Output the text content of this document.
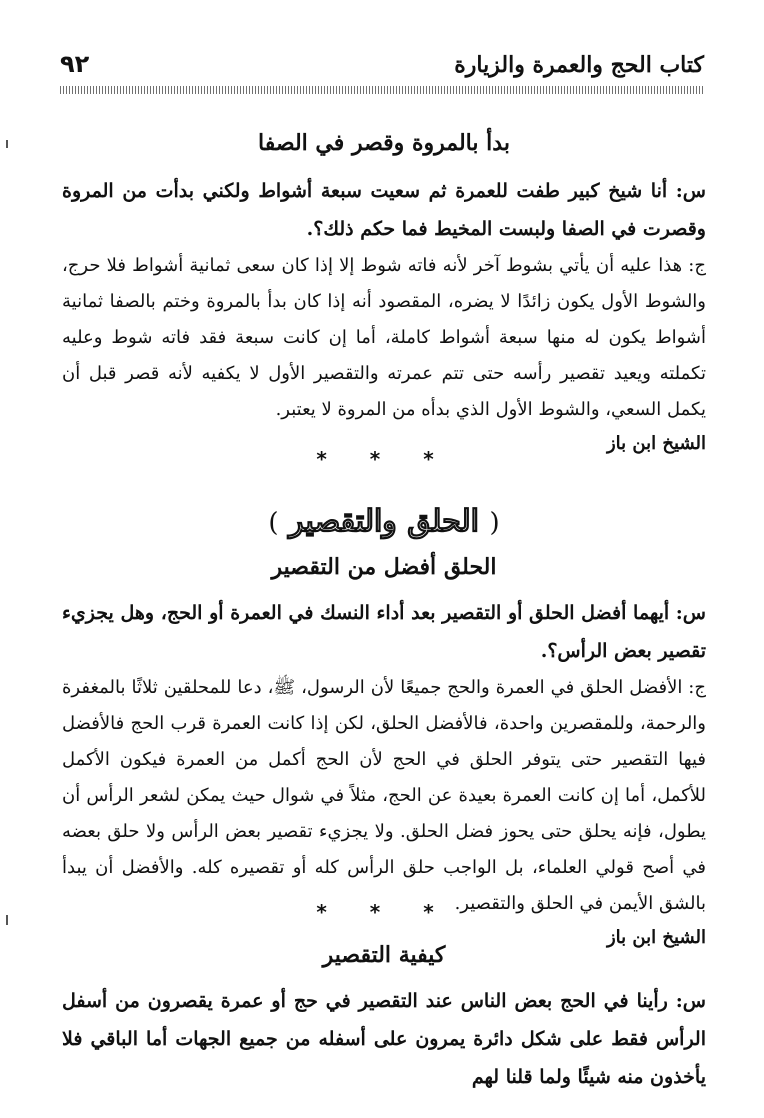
كتاب الحج والعمرة والزيارة
٩٢

بدأ بالمروة وقصر في الصفا

س: أنا شيخ كبير طفت للعمرة ثم سعيت سبعة أشواط ولكني بدأت من المروة وقصرت في الصفا ولبست المخيط فما حكم ذلك؟.

ج: هذا عليه أن يأتي بشوط آخر لأنه فاته شوط إلا إذا كان سعى ثمانية أشواط فلا حرج، والشوط الأول يكون زائدًا لا يضره، المقصود أنه إذا كان بدأ بالمروة وختم بالصفا ثمانية أشواط يكون له منها سبعة أشواط كاملة، أما إن كانت سبعة فقد فاته شوط وعليه تكملته ويعيد تقصير رأسه حتى تتم عمرته والتقصير الأول لا يكفيه لأنه قصر قبل أن يكمل السعي، والشوط الأول الذي بدأه من المروة لا يعتبر.

الشيخ ابن باز

* * *
( الحلق والتقصير )

الحلق أفضل من التقصير

س: أيهما أفضل الحلق أو التقصير بعد أداء النسك في العمرة أو الحج، وهل يجزيء تقصير بعض الرأس؟.

ج: الأفضل الحلق في العمرة والحج جميعًا لأن الرسول، ﷺ، دعا للمحلقين ثلاثًا بالمغفرة والرحمة، وللمقصرين واحدة، فالأفضل الحلق، لكن إذا كانت العمرة قرب الحج فالأفضل فيها التقصير حتى يتوفر الحلق في الحج لأن الحج أكمل من العمرة فيكون الأكمل للأكمل، أما إن كانت العمرة بعيدة عن الحج، مثلاً في شوال حيث يمكن لشعر الرأس أن يطول، فإنه يحلق حتى يحوز فضل الحلق. ولا يجزيء تقصير بعض الرأس ولا حلق بعضه في أصح قولي العلماء، بل الواجب حلق الرأس كله أو تقصيره كله. والأفضل أن يبدأ بالشق الأيمن في الحلق والتقصير.

الشيخ ابن باز

* * *

كيفية التقصير

س: رأينا في الحج بعض الناس عند التقصير في حج أو عمرة يقصرون من أسفل الرأس فقط على شكل دائرة يمرون على أسفله من جميع الجهات أما الباقي فلا يأخذون منه شيئًا ولما قلنا لهم
